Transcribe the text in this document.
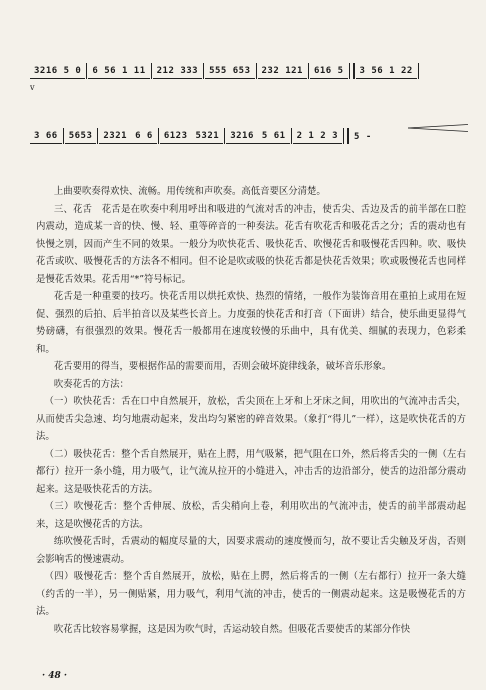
3216 5 0	6 56 1 11	212 333	555 653	232 121	616 5	3 56 1 22
v
3 66	5653	2321 6 6	6123 5321	3216 5 61	2 1 2 3	5 -

上曲要吹奏得欢快、流畅。用传统和声吹奏。高低音要区分清楚。

三、花舌　花舌是在吹奏中利用呼出和吸进的气流对舌的冲击，使舌尖、舌边及舌的前半部在口腔内震动，造成某一音的快、慢、轻、重等碎音的一种奏法。花舌有吹花舌和吸花舌之分；舌的震动也有快慢之别，因而产生不同的效果。一般分为吹快花舌、吸快花舌、吹慢花舌和吸慢花舌四种。吹、吸快花舌或吹、吸慢花舌的方法各不相同。但不论是吹或吸的快花舌都是快花舌效果；吹或吸慢花舌也同样是慢花舌效果。花舌用“*”符号标记。

花舌是一种重要的技巧。快花舌用以烘托欢快、热烈的情绪，一般作为装饰音用在重拍上或用在短促、强烈的后拍、后半拍音以及某些长音上。力度强的快花舌和打音（下面讲）结合，使乐曲更显得气势磅礴，有很强烈的效果。慢花舌一般都用在速度较慢的乐曲中，具有优美、细腻的表现力，色彩柔和。

花舌要用的得当，要根据作品的需要而用，否则会破坏旋律线条，破坏音乐形象。

吹奏花舌的方法：

（一）吹快花舌：舌在口中自然展开，放松，舌尖顶在上牙和上牙床之间，用吹出的气流冲击舌尖，从而使舌尖急速、均匀地震动起来，发出均匀紧密的碎音效果。（象打“得儿”一样），这是吹快花舌的方法。

（二）吸快花舌：整个舌自然展开，贴在上腭，用气吸紧，把气阻在口外，然后将舌尖的一侧（左右都行）拉开一条小缝，用力吸气，让气流从拉开的小缝进入，冲击舌的边沿部分，使舌的边沿部分震动起来。这是吸快花舌的方法。

（三）吹慢花舌：整个舌伸展、放松，舌尖稍向上卷，利用吹出的气流冲击，使舌的前半部震动起来，这是吹慢花舌的方法。

练吹慢花舌时，舌震动的幅度尽量的大，因要求震动的速度慢而匀，故不要让舌尖触及牙齿，否则会影响舌的慢速震动。

（四）吸慢花舌：整个舌自然展开，放松，贴在上腭，然后将舌的一侧（左右都行）拉开一条大缝（约舌的一半），另一侧贴紧，用力吸气，利用气流的冲击，使舌的一侧震动起来。这是吸慢花舌的方法。

吹花舌比较容易掌握，这是因为吹气时，舌运动较自然。但吸花舌要使舌的某部分作快

· 48 ·
